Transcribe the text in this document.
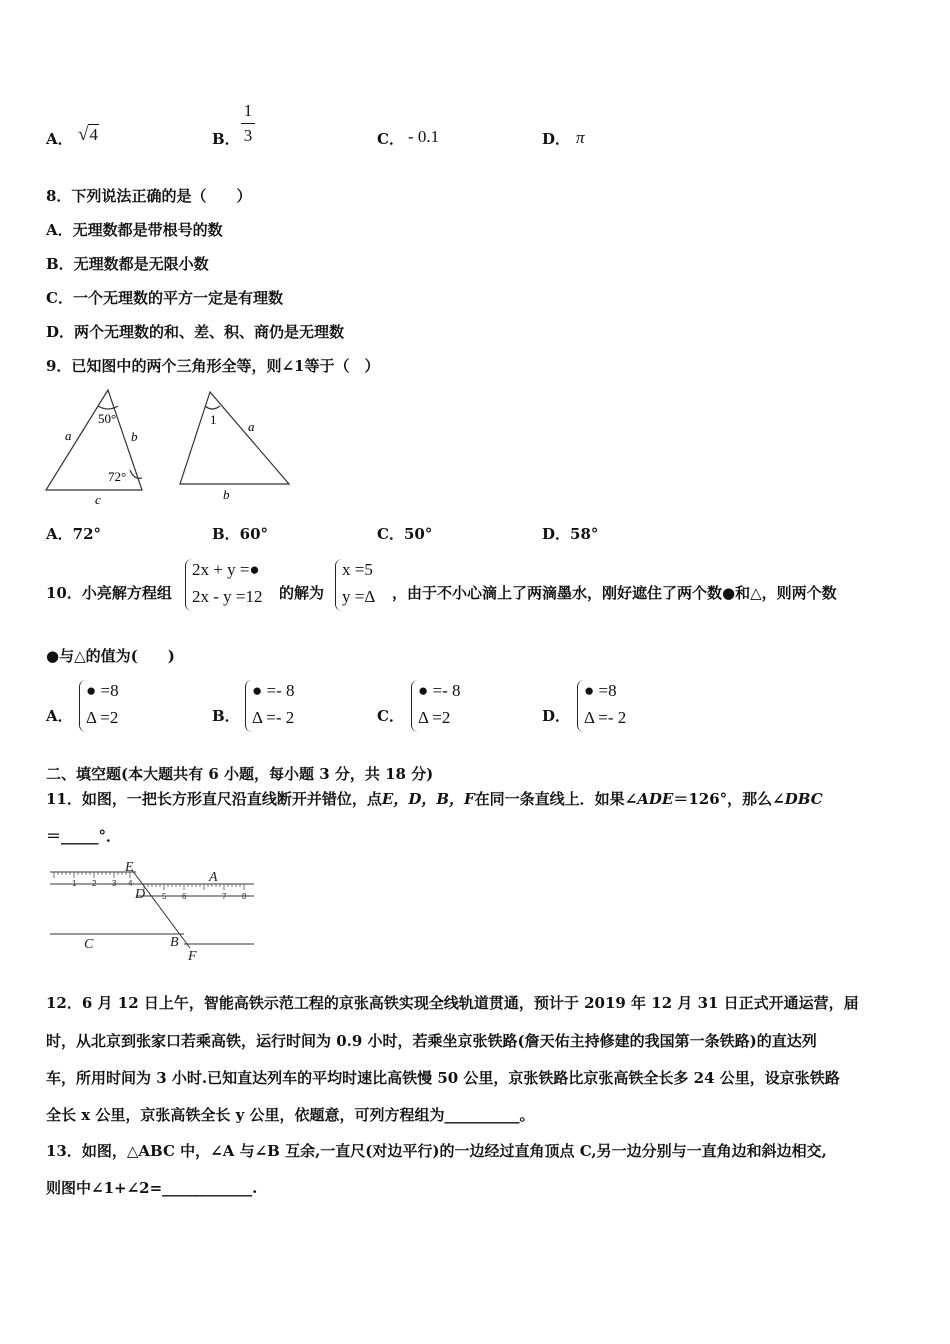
A． √4	B．
1
3	C． - 0.1	D． π
8．下列说法正确的是（　　）
A．无理数都是带根号的数
B．无理数都是无限小数
C．一个无理数的平方一定是有理数
D．两个无理数的和、差、积、商仍是无理数
9．已知图中的两个三角形全等，则∠1等于（　）
50°
72°
a	b
c
1 a
b
A．72°	B．60°	C．50°	D．58°
10．小亮解方程组
2x + y =●
2x - y =12 的解为
x =5
y =Δ ，由于不小心滴上了两滴墨水，刚好遮住了两个数●和△，则两个数
●与△的值为(　　)
A．
● =8
Δ =2	B．
● =- 8
Δ =- 2	C．
● =- 8
Δ =2	D．
● =8
Δ =- 2
二、填空题(本大题共有 6 小题，每小题 3 分，共 18 分)
11．如图，一把长方形直尺沿直线断开并错位，点E，D，B，F在同一条直线上．如果∠ADE＝126°，那么∠DBC
＝_____°．
1 2 3 4
5 6	7 8
E
D
A
C	B
F
12．6 月 12 日上午，智能高铁示范工程的京张高铁实现全线轨道贯通，预计于 2019 年 12 月 31 日正式开通运营，届
时，从北京到张家口若乘高铁，运行时间为 0.9 小时，若乘坐京张铁路(詹天佑主持修建的我国第一条铁路)的直达列
车，所用时间为 3 小时.已知直达列车的平均时速比高铁慢 50 公里，京张铁路比京张高铁全长多 24 公里，设京张铁路
全长 x 公里，京张高铁全长 y 公里，依题意，可列方程组为__________。
13．如图，△ABC 中，∠A 与∠B 互余,一直尺(对边平行)的一边经过直角顶点 C,另一边分别与一直角边和斜边相交,
则图中∠1+∠2=____________.
